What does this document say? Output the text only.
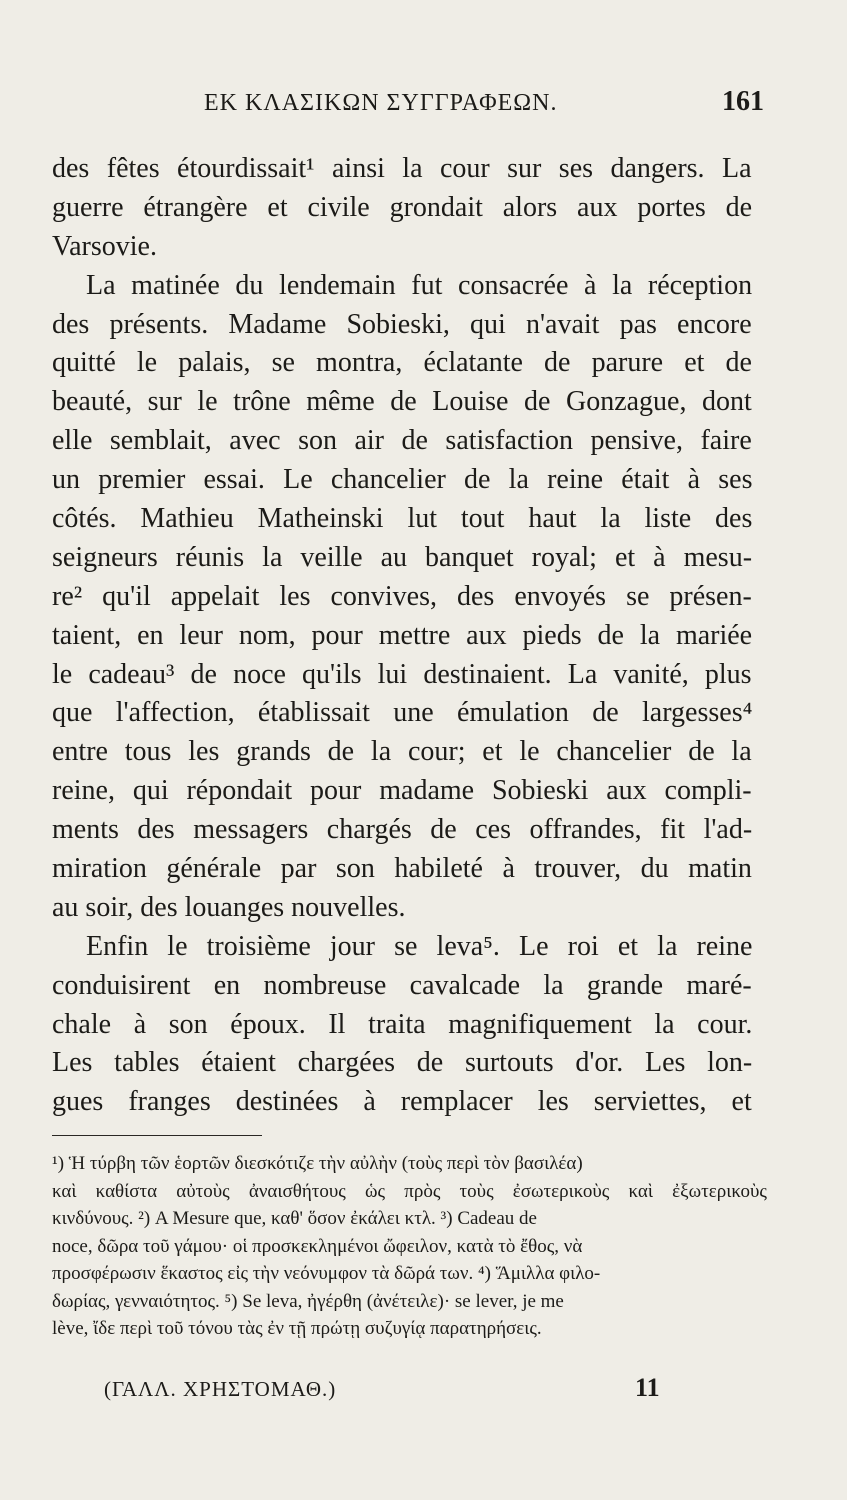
ΕΚ ΚΛΑΣΙΚΩΝ ΣΥΓΓΡΑΦΕΩΝ.	161
des fêtes étourdissait¹ ainsi la cour sur ses dangers. La
guerre étrangère et civile grondait alors aux portes de
Varsovie.
La matinée du lendemain fut consacrée à la réception
des présents. Madame Sobieski, qui n'avait pas encore
quitté le palais, se montra, éclatante de parure et de
beauté, sur le trône même de Louise de Gonzague, dont
elle semblait, avec son air de satisfaction pensive, faire
un premier essai. Le chancelier de la reine était à ses
côtés. Mathieu Matheinski lut tout haut la liste des
seigneurs réunis la veille au banquet royal; et à mesu-
re² qu'il appelait les convives, des envoyés se présen-
taient, en leur nom, pour mettre aux pieds de la mariée
le cadeau³ de noce qu'ils lui destinaient. La vanité, plus
que l'affection, établissait une émulation de largesses⁴
entre tous les grands de la cour; et le chancelier de la
reine, qui répondait pour madame Sobieski aux compli-
ments des messagers chargés de ces offrandes, fit l'ad-
miration générale par son habileté à trouver, du matin
au soir, des louanges nouvelles.
Enfin le troisième jour se leva⁵. Le roi et la reine
conduisirent en nombreuse cavalcade la grande maré-
chale à son époux. Il traita magnifiquement la cour.
Les tables étaient chargées de surtouts d'or. Les lon-
gues franges destinées à remplacer les serviettes, et
¹) Ἡ τύρβη τῶν ἑορτῶν διεσκότιζε τὴν αὐλὴν (τοὺς περὶ τὸν βασιλέα)
καὶ καθίστα αὐτοὺς ἀναισθήτους ὡς πρὸς τοὺς ἐσωτερικοὺς καὶ ἐξωτερικοὺς
κινδύνους. ²) A Mesure que, καθ' ὅσον ἐκάλει κτλ. ³) Cadeau de
noce, δῶρα τοῦ γάμου· οἱ προσκεκλημένοι ὤφειλον, κατὰ τὸ ἔθος, νὰ
προσφέρωσιν ἕκαστος εἰς τὴν νεόνυμφον τὰ δῶρά των. ⁴) Ἅμιλλα φιλο-
δωρίας, γενναιότητος. ⁵) Se leva, ἠγέρθη (ἀνέτειλε)· se lever, je me
lève, ἴδε περὶ τοῦ τόνου τὰς ἐν τῇ πρώτῃ συζυγίᾳ παρατηρήσεις.
(ΓΑΛΛ. ΧΡΗΣΤΟΜΑΘ.)	11
